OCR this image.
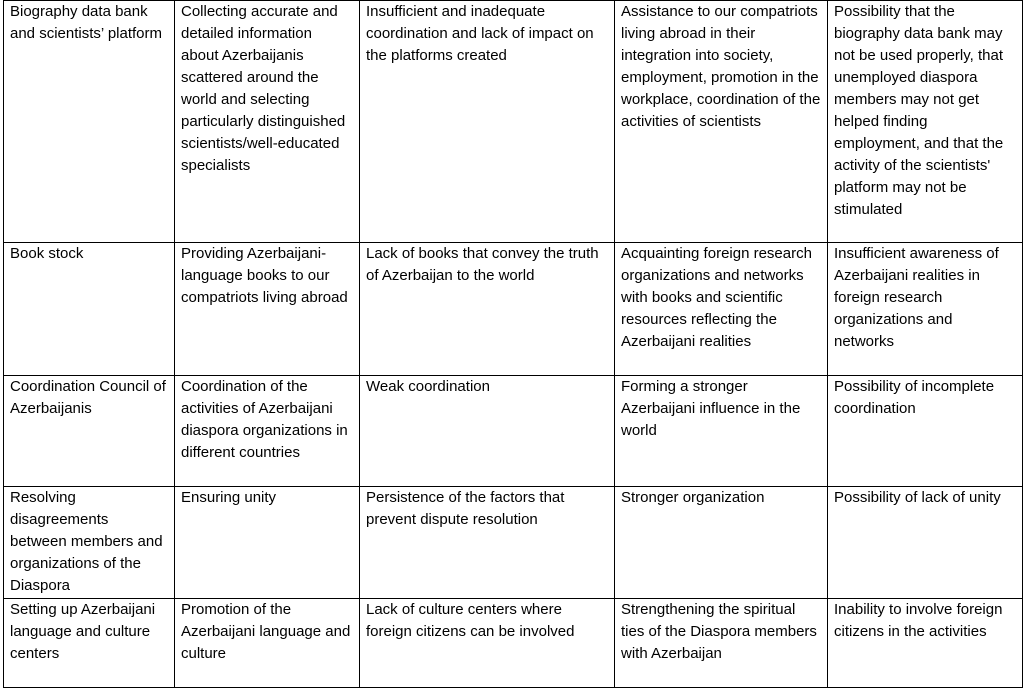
Biography data bank and scientists’ platform	Collecting accurate and detailed information about Azerbaijanis scattered around the world and selecting particularly distinguished scientists/well-educated specialists	Insufficient and inadequate coordination and lack of impact on the platforms created	Assistance to our compatriots living abroad in their integration into society, employment, promotion in the workplace, coordination of the activities of scientists	Possibility that the biography data bank may not be used properly, that unemployed diaspora members may not get helped finding employment, and that the activity of the scientists' platform may not be stimulated
Book stock	Providing Azerbaijani-language books to our compatriots living abroad	Lack of books that convey the truth of Azerbaijan to the world	Acquainting foreign research organizations and networks with books and scientific resources reflecting the Azerbaijani realities	Insufficient awareness of Azerbaijani realities in foreign research organizations and networks
Coordination Council of Azerbaijanis	Coordination of the activities of Azerbaijani diaspora organizations in different countries	Weak coordination	Forming a stronger Azerbaijani influence in the world	Possibility of incomplete coordination
Resolving disagreements between members and organizations of the Diaspora	Ensuring unity	Persistence of the factors that prevent dispute resolution	Stronger organization	Possibility of lack of unity
Setting up Azerbaijani language and culture centers	Promotion of the Azerbaijani language and culture	Lack of culture centers where foreign citizens can be involved	Strengthening the spiritual ties of the Diaspora members with Azerbaijan	Inability to involve foreign citizens in the activities
